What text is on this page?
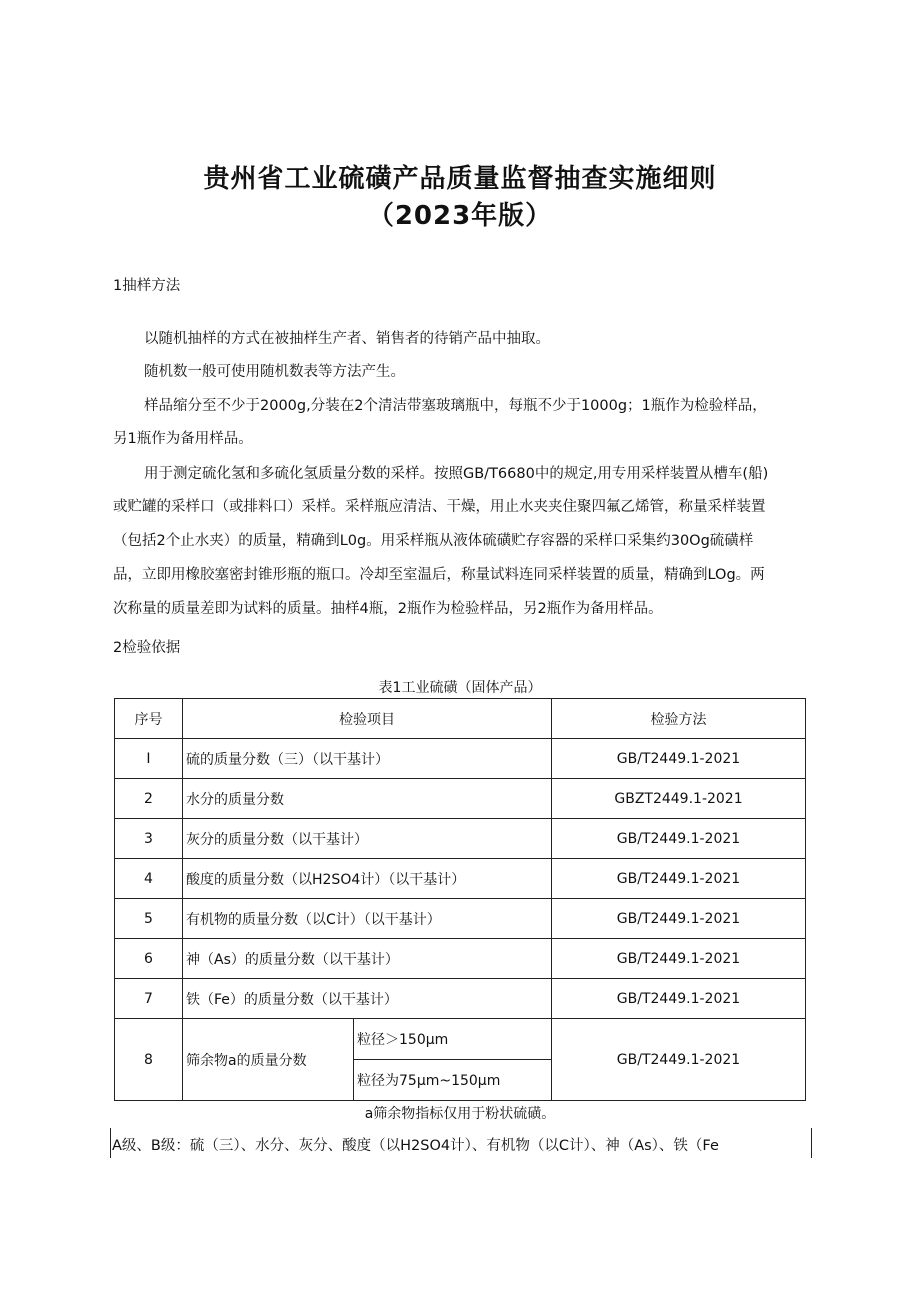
贵州省工业硫磺产品质量监督抽查实施细则
（2023年版）
1抽样方法
以随机抽样的方式在被抽样生产者、销售者的待销产品中抽取。
随机数一般可使用随机数表等方法产生。
样品缩分至不少于2000g,分装在2个清洁带塞玻璃瓶中，每瓶不少于1000g；1瓶作为检验样品，
另1瓶作为备用样品。
用于测定硫化氢和多硫化氢质量分数的采样。按照GB/T6680中的规定,用专用采样装置从槽车(船)
或贮罐的采样口（或排料口）采样。采样瓶应清洁、干燥，用止水夹夹住聚四氟乙烯管，称量采样装置
（包括2个止水夹）的质量，精确到L0g。用采样瓶从液体硫磺贮存容器的采样口采集约30Og硫磺样
品，立即用橡胶塞密封锥形瓶的瓶口。冷却至室温后，称量试料连同采样装置的质量，精确到LOg。两
次称量的质量差即为试料的质量。抽样4瓶，2瓶作为检验样品，另2瓶作为备用样品。
2检验依据
表1工业硫磺（固体产品）
序号	检验项目		检验方法
I	硫的质量分数（三）（以干基计）		GB/T2449.1-2021
2	水分的质量分数		GBZT2449.1-2021
3	灰分的质量分数（以干基计）		GB/T2449.1-2021
4	酸度的质量分数（以H2SO4计）（以干基计）		GB/T2449.1-2021
5	有机物的质量分数（以C计）（以干基计）		GB/T2449.1-2021
6	神（As）的质量分数（以干基计）		GB/T2449.1-2021
7	铁（Fe）的质量分数（以干基计）		GB/T2449.1-2021
8	筛余物a的质量分数	粒径＞150μm	GB/T2449.1-2021
		粒径为75μm~150μm	
a筛余物指标仅用于粉状硫磺。
A级、B级：硫（三）、水分、灰分、酸度（以H2SO4计）、有机物（以C计）、神（As）、铁（Fe
